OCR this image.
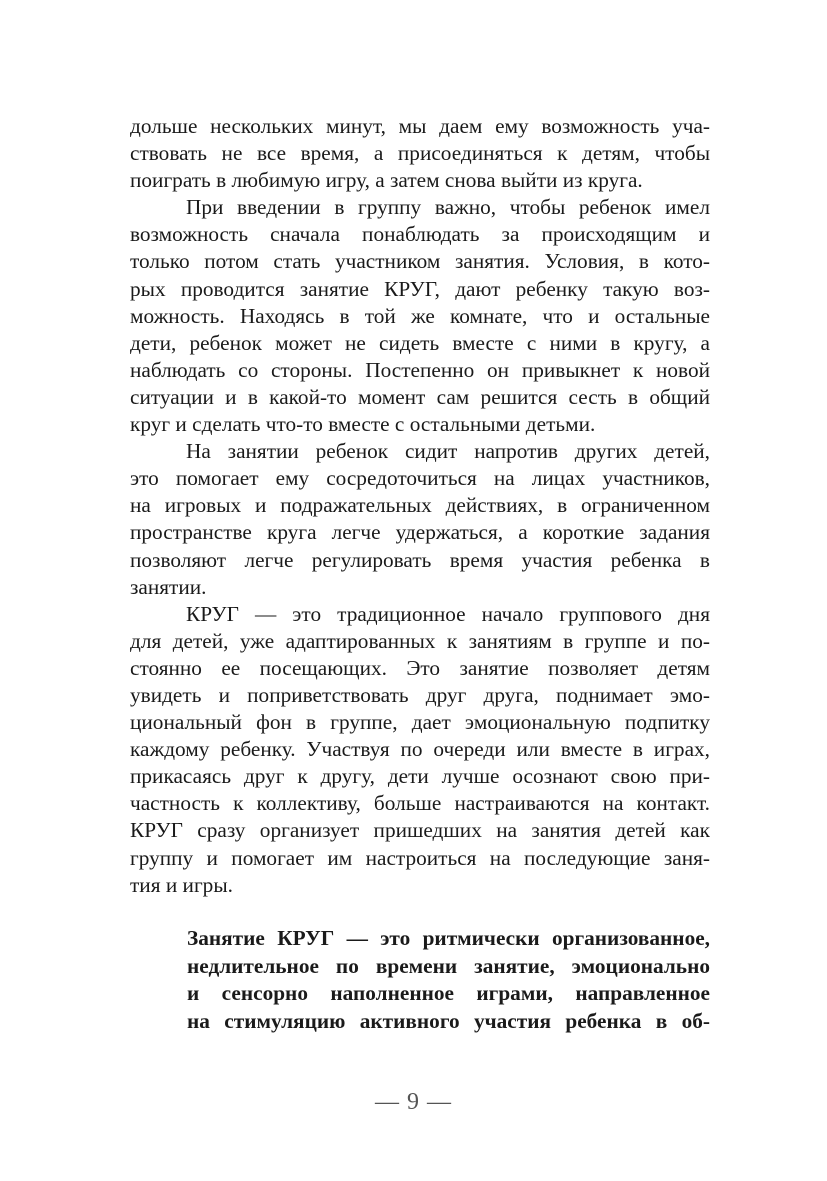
дольше нескольких минут, мы даем ему возможность уча-
ствовать не все время, а присоединяться к детям, чтобы
поиграть в любимую игру, а затем снова выйти из круга.
При введении в группу важно, чтобы ребенок имел
возможность сначала понаблюдать за происходящим и
только потом стать участником занятия. Условия, в кото-
рых проводится занятие КРУГ, дают ребенку такую воз-
можность. Находясь в той же комнате, что и остальные
дети, ребенок может не сидеть вместе с ними в кругу, а
наблюдать со стороны. Постепенно он привыкнет к новой
ситуации и в какой-то момент сам решится сесть в общий
круг и сделать что-то вместе с остальными детьми.
На занятии ребенок сидит напротив других детей,
это помогает ему сосредоточиться на лицах участников,
на игровых и подражательных действиях, в ограниченном
пространстве круга легче удержаться, а короткие задания
позволяют легче регулировать время участия ребенка в
занятии.
КРУГ — это традиционное начало группового дня
для детей, уже адаптированных к занятиям в группе и по-
стоянно ее посещающих. Это занятие позволяет детям
увидеть и поприветствовать друг друга, поднимает эмо-
циональный фон в группе, дает эмоциональную подпитку
каждому ребенку. Участвуя по очереди или вместе в играх,
прикасаясь друг к другу, дети лучше осознают свою при-
частность к коллективу, больше настраиваются на контакт.
КРУГ сразу организует пришедших на занятия детей как
группу и помогает им настроиться на последующие заня-
тия и игры.
Занятие КРУГ — это ритмически организованное,
недлительное по времени занятие, эмоционально
и сенсорно наполненное играми, направленное
на стимуляцию активного участия ребенка в об-
— 9 —
